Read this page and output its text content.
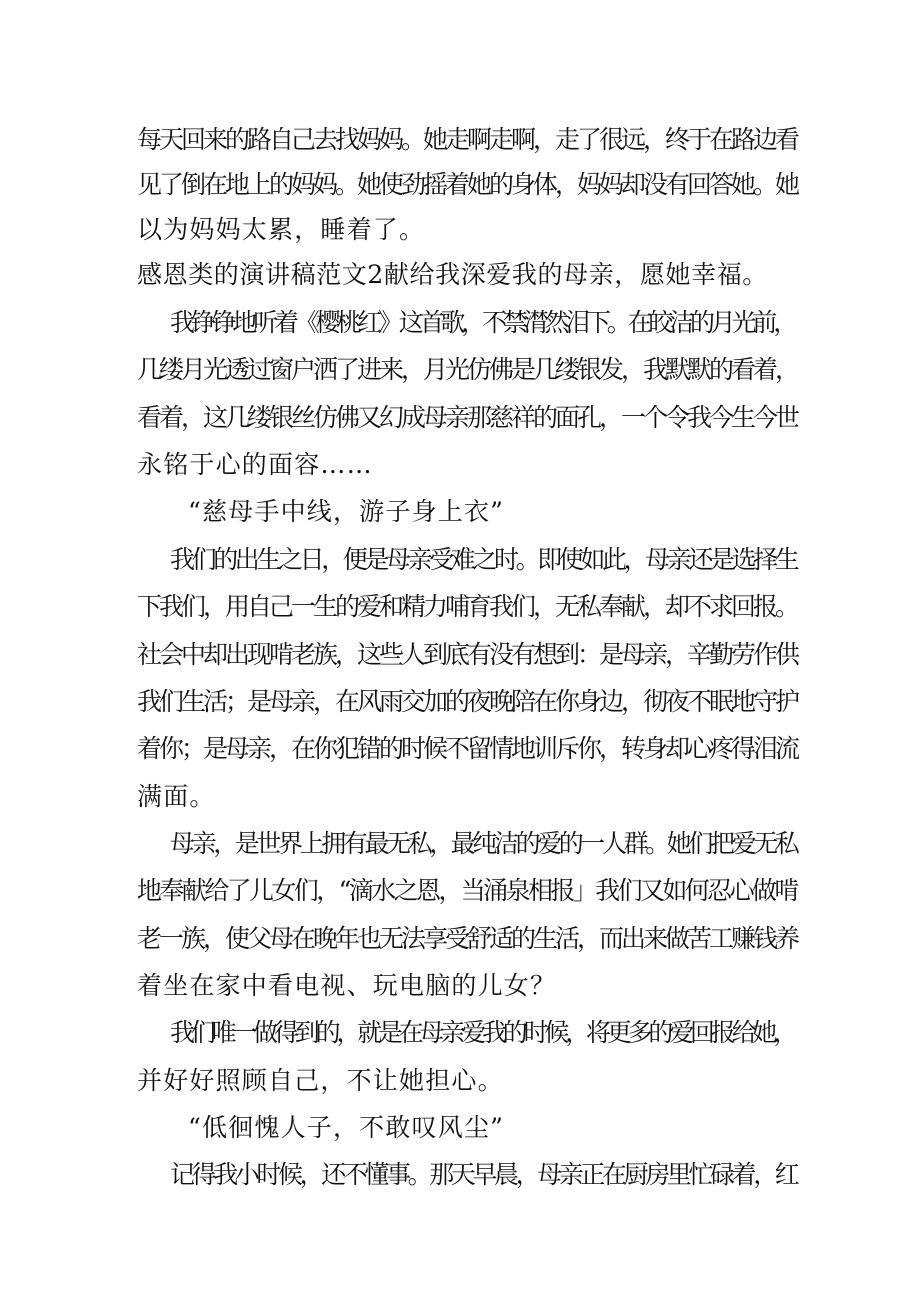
每天回来的路自己去找妈妈。她走啊走啊，走了很远，终于在路边看
见了倒在地上的妈妈。她使劲摇着她的身体，妈妈却没有回答她。她
以为妈妈太累，睡着了。
感恩类的演讲稿范文2献给我深爱我的母亲，愿她幸福。
我铮铮地听着《樱桃红》这首歌，不禁潸然泪下。在皎洁的月光前，
几缕月光透过窗户洒了进来，月光仿佛是几缕银发，我默默的看着，
看着，这几缕银丝仿佛又幻成母亲那慈祥的面孔，一个令我今生今世
永铭于心的面容……
“慈母手中线，游子身上衣”
我们的出生之日，便是母亲受难之时。即使如此，母亲还是选择生
下我们，用自己一生的爱和精力哺育我们，无私奉献，却不求回报。
社会中却出现啃老族，这些人到底有没有想到：是母亲，辛勤劳作供
我们生活；是母亲，在风雨交加的夜晚陪在你身边，彻夜不眠地守护
着你；是母亲，在你犯错的时候不留情地训斥你，转身却心疼得泪流
满面。
母亲，是世界上拥有最无私，最纯洁的爱的一人群。她们把爱无私
地奉献给了儿女们，“滴水之恩，当涌泉相报」我们又如何忍心做啃
老一族，使父母在晚年也无法享受舒适的生活，而出来做苦工赚钱养
着坐在家中看电视、玩电脑的儿女？
我们唯一做得到的，就是在母亲爱我的时候，将更多的爱回报给她，
并好好照顾自己，不让她担心。
“低徊愧人子，不敢叹风尘”
记得我小时候，还不懂事。那天早晨，母亲正在厨房里忙碌着，红
